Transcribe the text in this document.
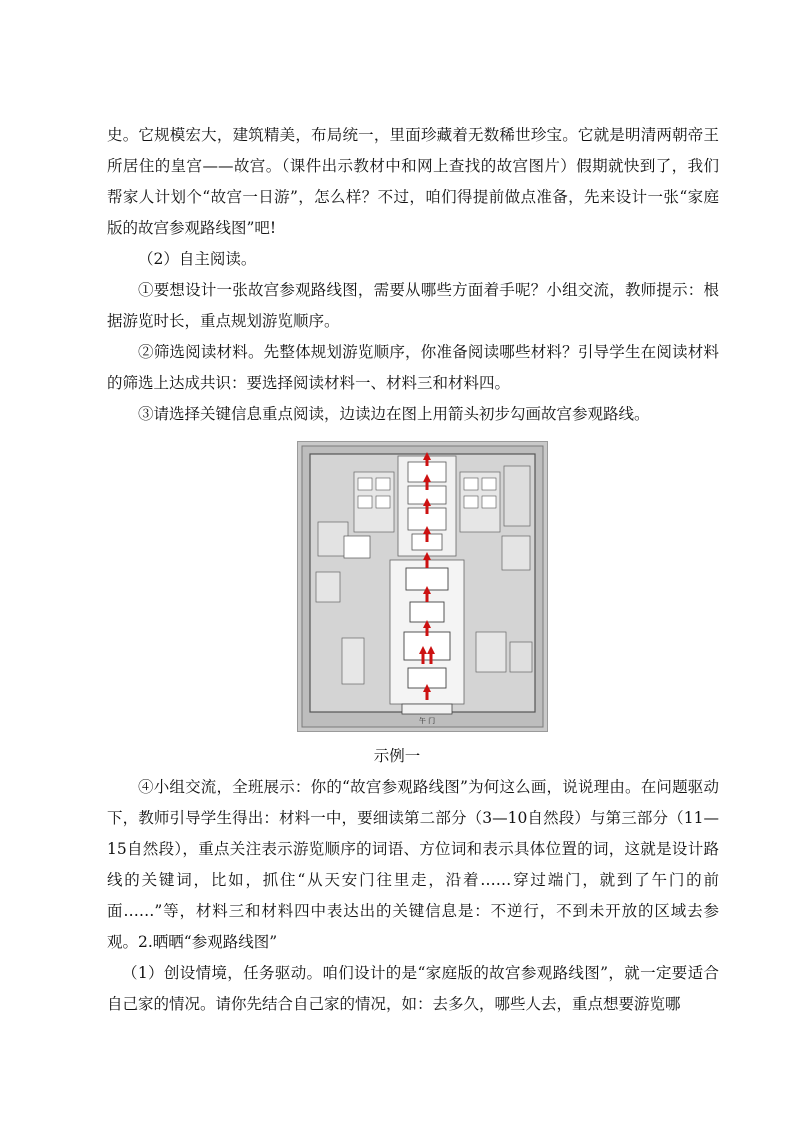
史。它规模宏大，建筑精美，布局统一，里面珍藏着无数稀世珍宝。它就是明清两朝帝王所居住的皇宫——故宫。（课件出示教材中和网上查找的故宫图片）假期就快到了，我们帮家人计划个“故宫一日游”，怎么样？不过，咱们得提前做点准备，先来设计一张“家庭版的故宫参观路线图”吧!

（2）自主阅读。

①要想设计一张故宫参观路线图，需要从哪些方面着手呢？小组交流，教师提示：根据游览时长，重点规划游览顺序。

②筛选阅读材料。先整体规划游览顺序，你准备阅读哪些材料？引导学生在阅读材料的筛选上达成共识：要选择阅读材料一、材料三和材料四。

③请选择关键信息重点阅读，边读边在图上用箭头初步勾画故宫参观路线。

午 门
示例一

④小组交流，全班展示：你的“故宫参观路线图”为何这么画，说说理由。在问题驱动下，教师引导学生得出：材料一中，要细读第二部分（3—10自然段）与第三部分（11—15自然段），重点关注表示游览顺序的词语、方位词和表示具体位置的词，这就是设计路线的关键词，比如，抓住“从天安门往里走，沿着……穿过端门，就到了午门的前面……”等，材料三和材料四中表达出的关键信息是：不逆行，不到未开放的区域去参观。 2.晒晒“参观路线图”

（1）创设情境，任务驱动。咱们设计的是“家庭版的故宫参观路线图”，就一定要适合自己家的情况。请你先结合自己家的情况，如：去多久，哪些人去，重点想要游览哪
